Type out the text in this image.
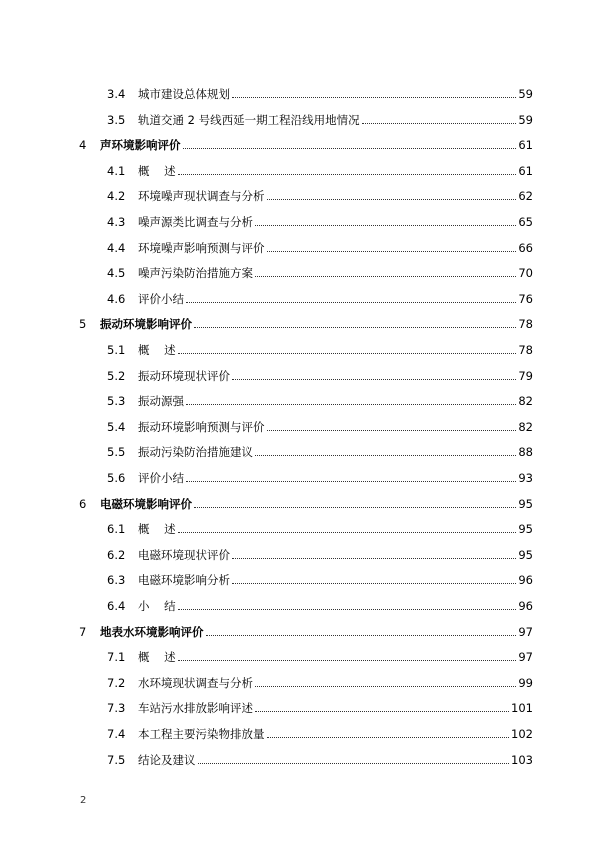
3.4	城市建设总体规划	59
3.5	轨道交通 2 号线西延一期工程沿线用地情况	59
4	声环境影响评价	61
4.1	概    述	61
4.2	环境噪声现状调查与分析	62
4.3	噪声源类比调查与分析	65
4.4	环境噪声影响预测与评价	66
4.5	噪声污染防治措施方案	70
4.6	评价小结	76
5	振动环境影响评价	78
5.1	概    述	78
5.2	振动环境现状评价	79
5.3	振动源强	82
5.4	振动环境影响预测与评价	82
5.5	振动污染防治措施建议	88
5.6	评价小结	93
6	电磁环境影响评价	95
6.1	概    述	95
6.2	电磁环境现状评价	95
6.3	电磁环境影响分析	96
6.4	小    结	96
7	地表水环境影响评价	97
7.1	概    述	97
7.2	水环境现状调查与分析	99
7.3	车站污水排放影响评述	101
7.4	本工程主要污染物排放量	102
7.5	结论及建议	103
2
